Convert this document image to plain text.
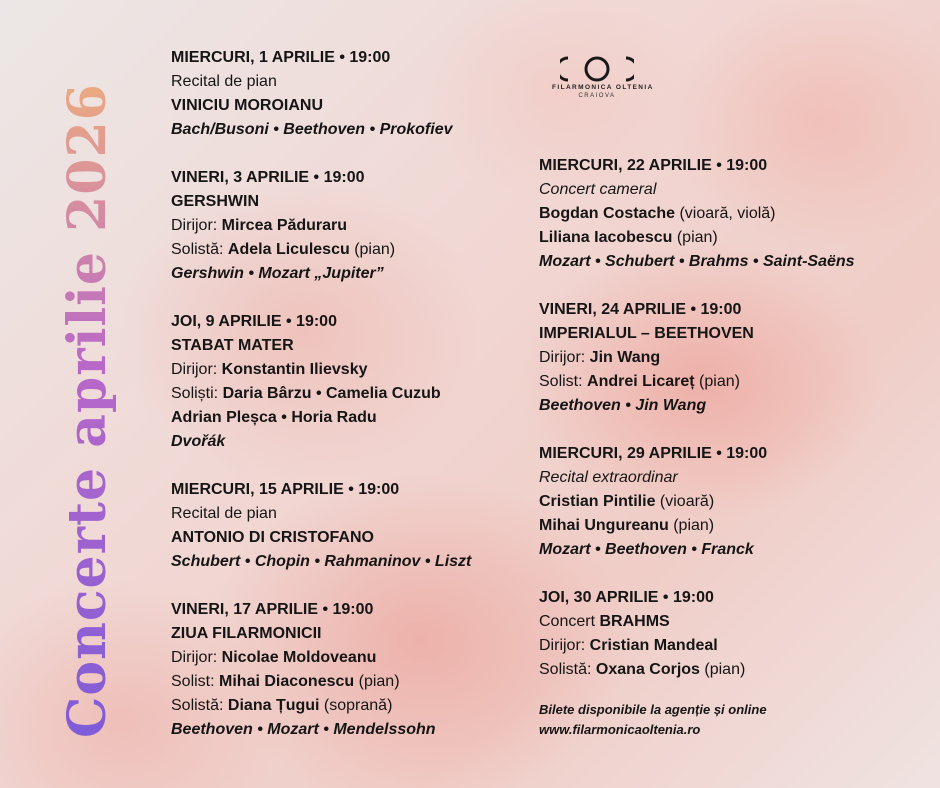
Concerte aprilie 2026	FILARMONICA OLTENIA
CRAIOVA
MIERCURI, 1 APRILIE • 19:00
Recital de pian
VINICIU MOROIANU
Bach/Busoni • Beethoven • Prokofiev
VINERI, 3 APRILIE • 19:00
GERSHWIN
Dirijor: Mircea Păduraru
Solistă: Adela Liculescu (pian)
Gershwin • Mozart „Jupiter”
JOI, 9 APRILIE • 19:00
STABAT MATER
Dirijor: Konstantin Ilievsky
Soliști: Daria Bârzu • Camelia Cuzub
Adrian Pleșca • Horia Radu
Dvořák
MIERCURI, 15 APRILIE • 19:00
Recital de pian
ANTONIO DI CRISTOFANO
Schubert • Chopin • Rahmaninov • Liszt
VINERI, 17 APRILIE • 19:00
ZIUA FILARMONICII
Dirijor: Nicolae Moldoveanu
Solist: Mihai Diaconescu (pian)
Solistă: Diana Țugui (soprană)
Beethoven • Mozart • Mendelssohn
MIERCURI, 22 APRILIE • 19:00
Concert cameral
Bogdan Costache (vioară, violă)
Liliana Iacobescu (pian)
Mozart • Schubert • Brahms • Saint-Saëns
VINERI, 24 APRILIE • 19:00
IMPERIALUL – BEETHOVEN
Dirijor: Jin Wang
Solist: Andrei Licareț (pian)
Beethoven • Jin Wang
MIERCURI, 29 APRILIE • 19:00
Recital extraordinar
Cristian Pintilie (vioară)
Mihai Ungureanu (pian)
Mozart • Beethoven • Franck
JOI, 30 APRILIE • 19:00
Concert BRAHMS
Dirijor: Cristian Mandeal
Solistă: Oxana Corjos (pian)
Bilete disponibile la agenție și online
www.filarmonicaoltenia.ro
